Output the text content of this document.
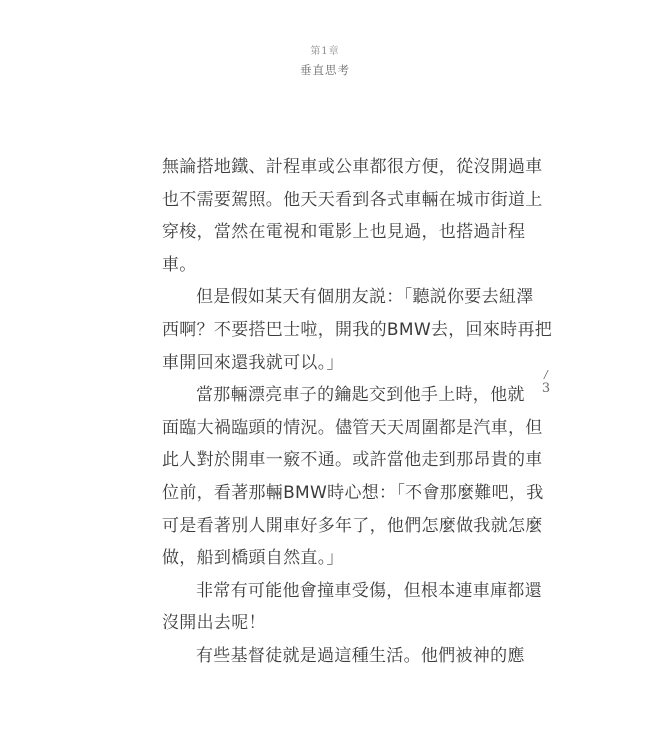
第1章
垂直思考
無論搭地鐵、計程車或公車都很方便，從沒開過車
也不需要駕照。他天天看到各式車輛在城市街道上
穿梭，當然在電視和電影上也見過，也搭過計程
車。
但是假如某天有個朋友説：「聽説你要去紐澤
西啊？不要搭巴士啦，開我的BMW去，回來時再把
車開回來還我就可以。」
當那輛漂亮車子的鑰匙交到他手上時，他就
面臨大禍臨頭的情況。儘管天天周圍都是汽車，但
此人對於開車一竅不通。或許當他走到那昂貴的車
位前，看著那輛BMW時心想：「不會那麼難吧，我
可是看著別人開車好多年了，他們怎麼做我就怎麼
做，船到橋頭自然直。」
非常有可能他會撞車受傷，但根本連車庫都還
沒開出去呢！
有些基督徒就是過這種生活。他們被神的應
/
3
